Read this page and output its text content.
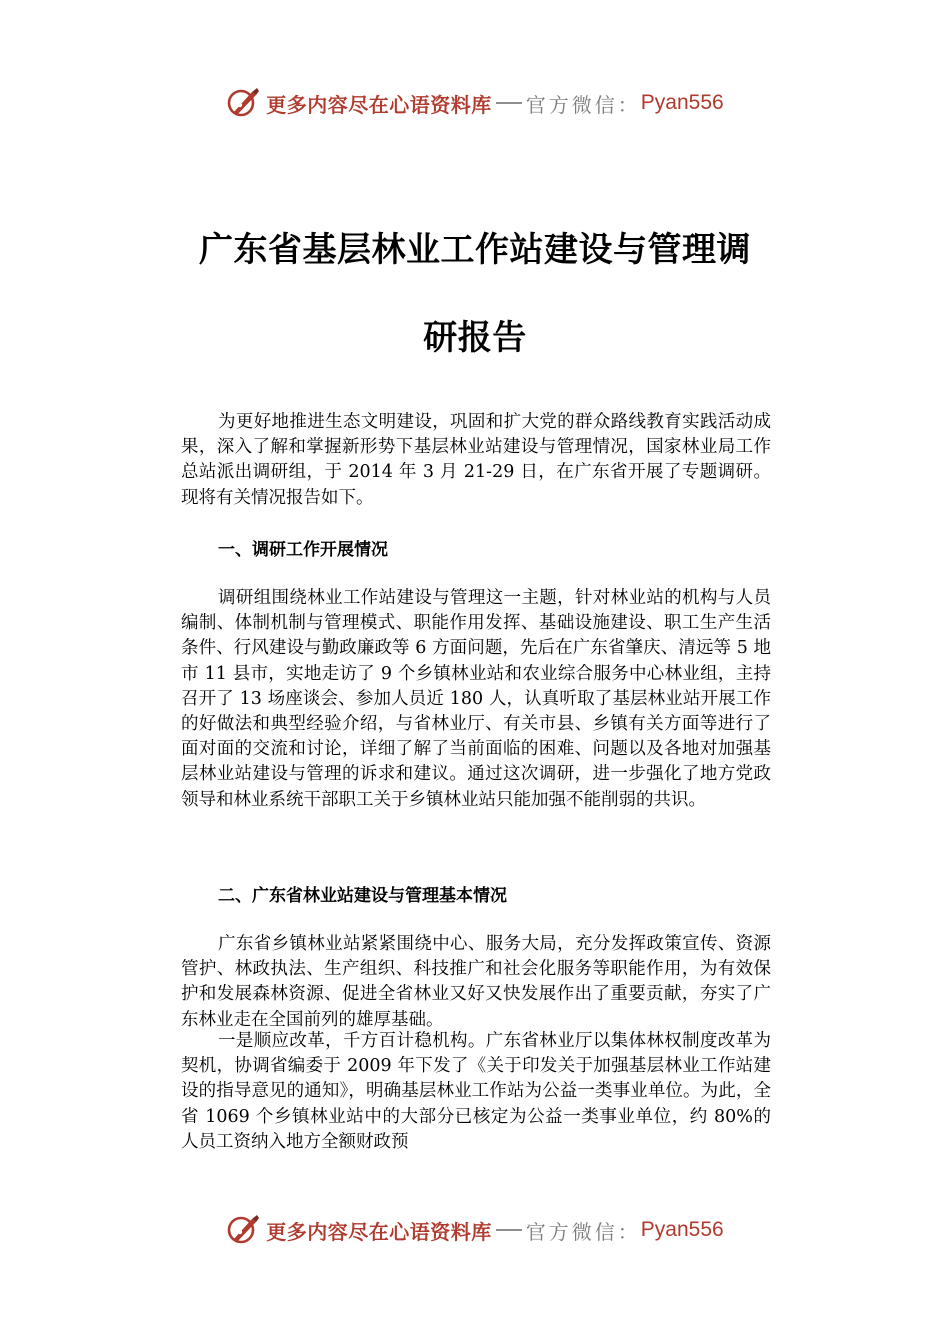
更多内容尽在心语资料库 官方微信： Pyan556
广东省基层林业工作站建设与管理调
研报告

为更好地推进生态文明建设，巩固和扩大党的群众路线教育实践活动成果，深入了解和掌握新形势下基层林业站建设与管理情况，国家林业局工作总站派出调研组，于 2014 年 3 月 21-29 日，在广东省开展了专题调研。现将有关情况报告如下。

一、调研工作开展情况

调研组围绕林业工作站建设与管理这一主题，针对林业站的机构与人员编制、体制机制与管理模式、职能作用发挥、基础设施建设、职工生产生活条件、行风建设与勤政廉政等 6 方面问题，先后在广东省肇庆、清远等 5 地市 11 县市，实地走访了 9 个乡镇林业站和农业综合服务中心林业组，主持召开了 13 场座谈会、参加人员近 180 人，认真听取了基层林业站开展工作的好做法和典型经验介绍，与省林业厅、有关市县、乡镇有关方面等进行了面对面的交流和讨论，详细了解了当前面临的困难、问题以及各地对加强基层林业站建设与管理的诉求和建议。通过这次调研，进一步强化了地方党政领导和林业系统干部职工关于乡镇林业站只能加强不能削弱的共识。

二、广东省林业站建设与管理基本情况

广东省乡镇林业站紧紧围绕中心、服务大局，充分发挥政策宣传、资源管护、林政执法、生产组织、科技推广和社会化服务等职能作用，为有效保护和发展森林资源、促进全省林业又好又快发展作出了重要贡献，夯实了广东林业走在全国前列的雄厚基础。

一是顺应改革，千方百计稳机构。广东省林业厅以集体林权制度改革为契机，协调省编委于 2009 年下发了《关于印发关于加强基层林业工作站建设的指导意见的通知》，明确基层林业工作站为公益一类事业单位。为此，全省 1069 个乡镇林业站中的大部分已核定为公益一类事业单位，约 80%的人员工资纳入地方全额财政预

更多内容尽在心语资料库 官方微信： Pyan556
